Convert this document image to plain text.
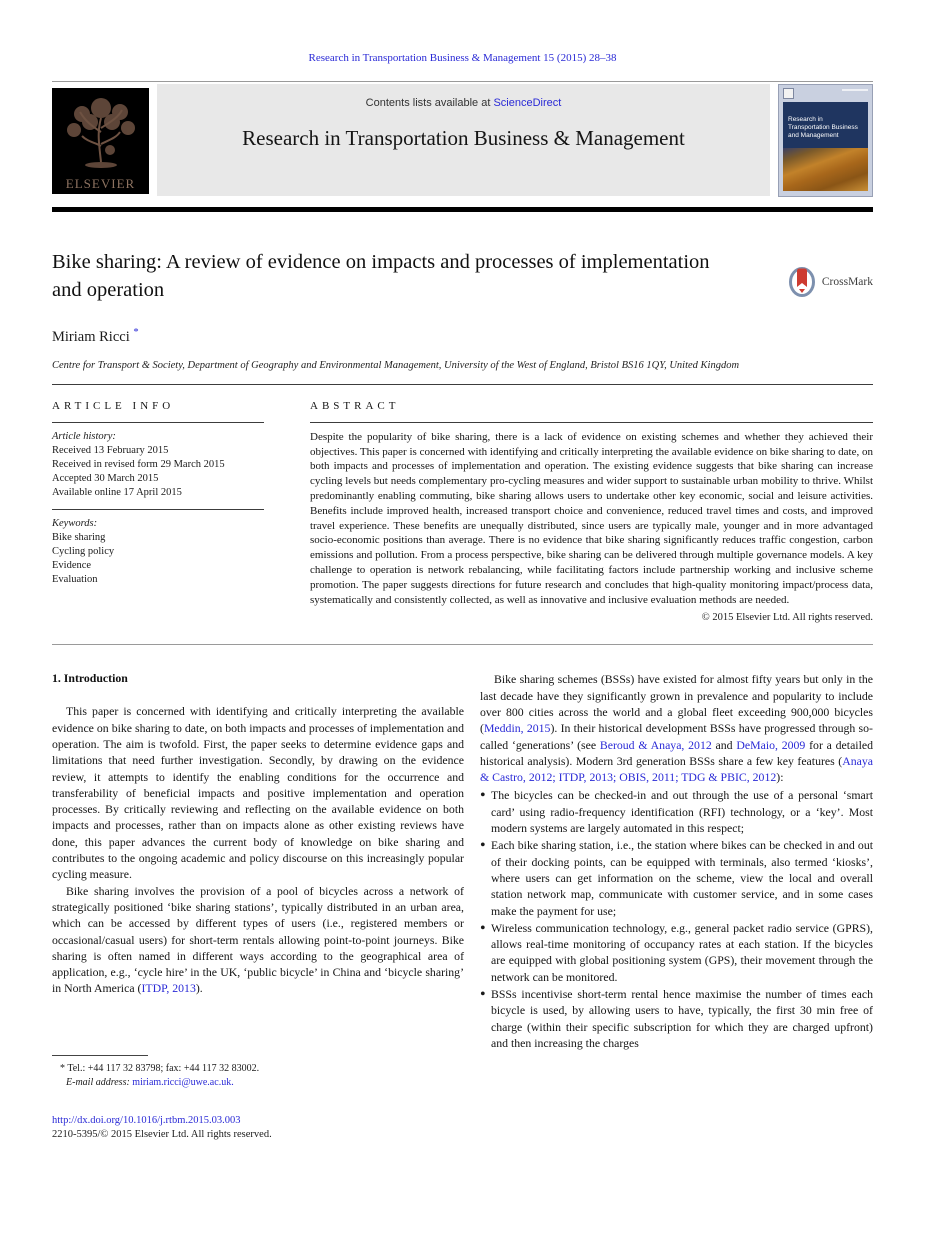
Research in Transportation Business & Management 15 (2015) 28–38
ELSEVIER
Contents lists available at ScienceDirect
Research in Transportation Business & Management
Research in Transportation Business and Management
Bike sharing: A review of evidence on impacts and processes of implementation and operation	CrossMark
Miriam Ricci *
Centre for Transport & Society, Department of Geography and Environmental Management, University of the West of England, Bristol BS16 1QY, United Kingdom
ARTICLE INFO
Article history:
Received 13 February 2015
Received in revised form 29 March 2015
Accepted 30 March 2015
Available online 17 April 2015
Keywords:
Bike sharing
Cycling policy
Evidence
Evaluation
ABSTRACT
Despite the popularity of bike sharing, there is a lack of evidence on existing schemes and whether they achieved their objectives. This paper is concerned with identifying and critically interpreting the available evidence on bike sharing to date, on both impacts and processes of implementation and operation. The existing evidence suggests that bike sharing can increase cycling levels but needs complementary pro-cycling measures and wider support to sustainable urban mobility to thrive. Whilst predominantly enabling commuting, bike sharing allows users to undertake other key economic, social and leisure activities. Benefits include improved health, increased transport choice and convenience, reduced travel times and costs, and improved travel experience. These benefits are unequally distributed, since users are typically male, younger and in more advantaged socio-economic positions than average. There is no evidence that bike sharing significantly reduces traffic congestion, carbon emissions and pollution. From a process perspective, bike sharing can be delivered through multiple governance models. A key challenge to operation is network rebalancing, while facilitating factors include partnership working and inclusive scheme promotion. The paper suggests directions for future research and concludes that high-quality monitoring impact/process data, systematically and consistently collected, as well as innovative and inclusive evaluation methods are needed.
© 2015 Elsevier Ltd. All rights reserved.
1. Introduction
This paper is concerned with identifying and critically interpreting the available evidence on bike sharing to date, on both impacts and processes of implementation and operation. The aim is twofold. First, the paper seeks to determine evidence gaps and limitations that need further investigation. Secondly, by drawing on the evidence review, it attempts to identify the enabling conditions for the occurrence and transferability of beneficial impacts and positive implementation and operation processes. By critically reviewing and reflecting on the available evidence on both impacts and processes, rather than on impacts alone as other existing reviews have done, this paper advances the current body of knowledge on bike sharing and contributes to the ongoing academic and policy discourse on this increasingly popular cycling measure.
Bike sharing involves the provision of a pool of bicycles across a network of strategically positioned ‘bike sharing stations’, typically distributed in an urban area, which can be accessed by different types of users (i.e., registered members or occasional/casual users) for short-term rentals allowing point-to-point journeys. Bike sharing is often named in different ways according to the geographical area of application, e.g., ‘cycle hire’ in the UK, ‘public bicycle’ in China and ‘bicycle sharing’ in North America (ITDP, 2013).
* Tel.: +44 117 32 83798; fax: +44 117 32 83002.
E-mail address: miriam.ricci@uwe.ac.uk.
Bike sharing schemes (BSSs) have existed for almost fifty years but only in the last decade have they significantly grown in prevalence and popularity to include over 800 cities across the world and a global fleet exceeding 900,000 bicycles (Meddin, 2015). In their historical development BSSs have progressed through so-called ‘generations’ (see Beroud & Anaya, 2012 and DeMaio, 2009 for a detailed historical analysis). Modern 3rd generation BSSs share a few key features (Anaya & Castro, 2012; ITDP, 2013; OBIS, 2011; TDG & PBIC, 2012):
•
The bicycles can be checked-in and out through the use of a personal ‘smart card’ using radio-frequency identification (RFI) technology, or a ‘key’. Most modern systems are largely automated in this respect;
•
Each bike sharing station, i.e., the station where bikes can be checked in and out of their docking points, can be equipped with terminals, also termed ‘kiosks’, where users can get information on the scheme, view the local and overall station network map, communicate with customer service, and in some cases make the payment for use;
•
Wireless communication technology, e.g., general packet radio service (GPRS), allows real-time monitoring of occupancy rates at each station. If the bicycles are equipped with global positioning system (GPS), their movement through the network can be monitored.
•
BSSs incentivise short-term rental hence maximise the number of times each bicycle is used, by allowing users to have, typically, the first 30 min free of charge (within their specific subscription for which they are charged upfront) and then increasing the charges
http://dx.doi.org/10.1016/j.rtbm.2015.03.003
2210-5395/© 2015 Elsevier Ltd. All rights reserved.
